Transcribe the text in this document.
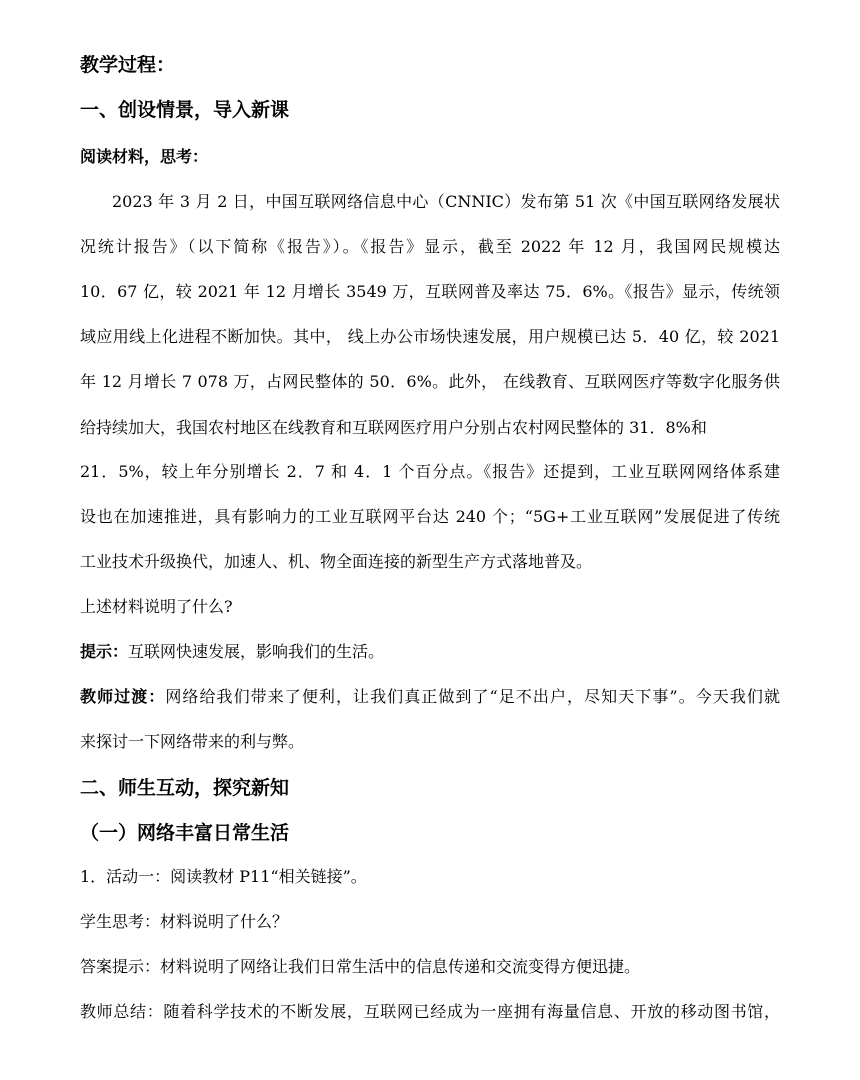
教学过程：
一、创设情景，导入新课
阅读材料，思考：
2023 年 3 月 2 日，中国互联网络信息中心（CNNIC）发布第 51 次《中国互联网络发展状
况统计报告》（以下简称《报告》）。《报告》显示，截至 2022 年 12 月，我国网民规模达
10．67 亿，较 2021 年 12 月增长 3549 万，互联网普及率达 75．6%。《报告》显示，传统领
域应用线上化进程不断加快。其中， 线上办公市场快速发展，用户规模已达 5．40 亿，较 2021
年 12 月增长 7 078 万，占网民整体的 50．6%。此外， 在线教育、互联网医疗等数字化服务供
给持续加大，我国农村地区在线教育和互联网医疗用户分别占农村网民整体的 31．8%和
21．5%，较上年分别增长 2．7 和 4．1 个百分点。《报告》还提到，工业互联网网络体系建
设也在加速推进，具有影响力的工业互联网平台达 240 个；“5G+工业互联网”发展促进了传统
工业技术升级换代，加速人、机、物全面连接的新型生产方式落地普及。
上述材料说明了什么?
提示：互联网快速发展，影响我们的生活。
教师过渡：网络给我们带来了便利，让我们真正做到了“足不出户，尽知天下事”。今天我们就
来探讨一下网络带来的利与弊。
二、师生互动，探究新知
（一）网络丰富日常生活
1．活动一：阅读教材 P11“相关链接”。
学生思考：材料说明了什么？
答案提示：材料说明了网络让我们日常生活中的信息传递和交流变得方便迅捷。
教师总结：随着科学技术的不断发展，互联网已经成为一座拥有海量信息、开放的移动图书馆，
